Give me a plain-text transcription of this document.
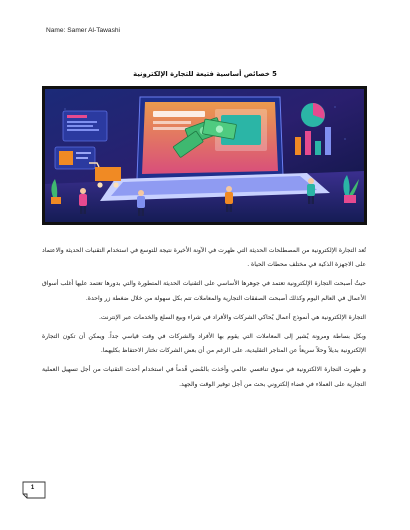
Name: Samer Al-Tawashi
5 خصائص أساسية فتيعة للتجارة الإلكترونية

تُعد التجارة الإلكترونية من المصطلحات الحديثة التي ظهرت في الآونة الأخيرة نتيجة للتوسع في استخدام التقنيات الحديثة والاعتماد على الاجهزة الذكية في مختلف محطات الحياة .

حيثُ أصبحت التجارة الإلكترونية تعتمد في جوهرها الأساسي على التقنيات الحديثة المتطورة والتي بدورها تعتمد عليها أغلب أسواق الأعمال في العالم اليوم وكذلك أصبحت الصفقات التجارية والمعاملات تتم بكل سهولة من خلال ضغطة زر واحدة.

التجارة الإلكترونية هي أنموذج أعمال يُحاكي الشركات والأفراد في شراء وبيع السلع والخدمات عبر الإنترنت.

وبكل بساطة ومرونة يُشير إلى المعاملات التي يقوم بها الأفراد والشركات في وقت قياسي جداً. ويمكن أن تكون التجارة الإلكترونية بديلاً وحلاً سريعاً عن المتاجر التقليدية، على الرغم من أن بعض الشركات تختار الاحتفاظ بكليهما.

و ظهرت التجارة الالكترونية في سوق تنافسي عالمي وأخذت بالمُضي قُدماً في استخدام أحدث التقنيات من أجل تسهيل العملية التجارية على العملاء في فضاء إلكتروني بحث من أجل توفير الوقت والجهد.

1
